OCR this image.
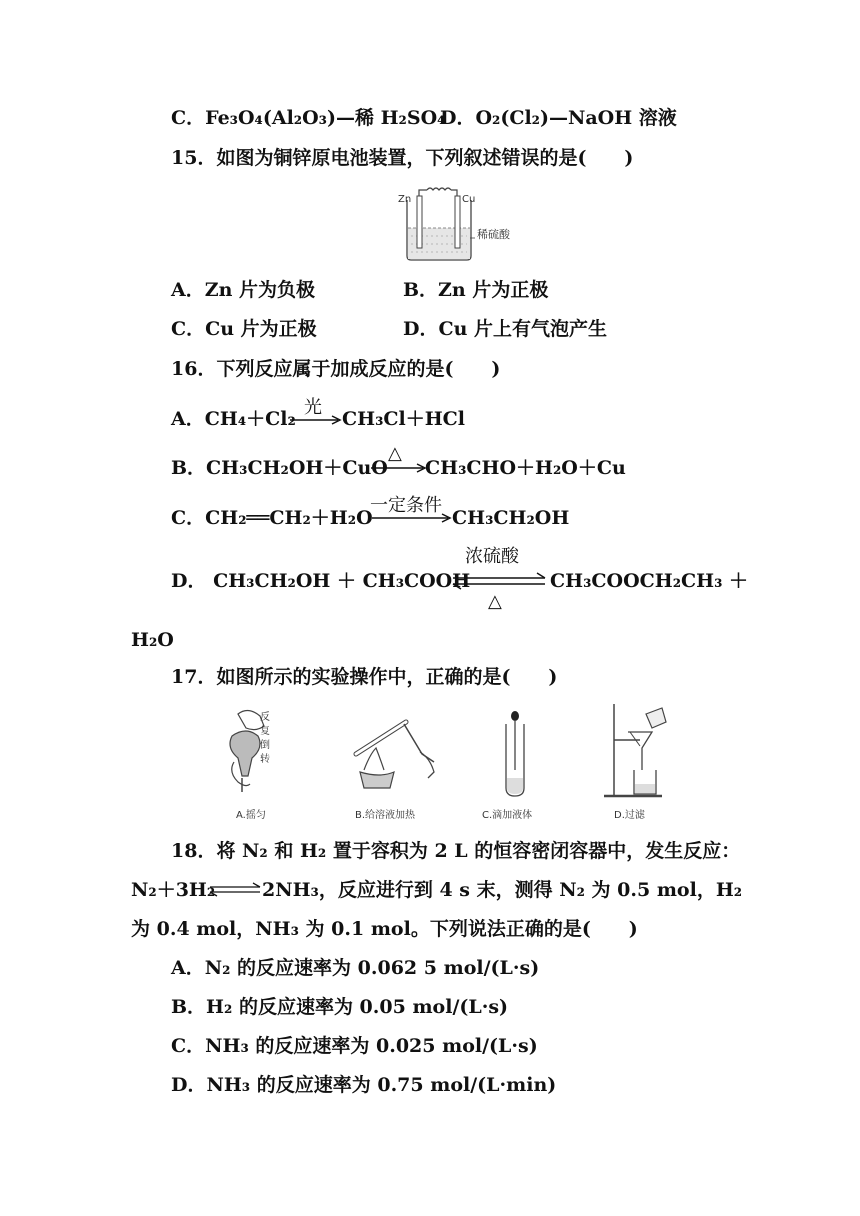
C．Fe₃O₄(Al₂O₃)—稀 H₂SO₄
D．O₂(Cl₂)—NaOH 溶液
15．如图为铜锌原电池装置，下列叙述错误的是(　　)
Zn	Cu
稀硫酸
A．Zn 片为负极	B．Zn 片为正极
C．Cu 片为正极	D．Cu 片上有气泡产生
16．下列反应属于加成反应的是(　　)
A．CH₄＋Cl₂
光
CH₃Cl＋HCl
B．CH₃CH₂OH＋CuO
△
CH₃CHO＋H₂O＋Cu
C．CH₂══CH₂＋H₂O
一定条件
CH₃CH₂OH
浓硫酸
D． CH₃CH₂OH ＋ CH₃COOH
△
CH₃COOCH₂CH₃ ＋
H₂O
17．如图所示的实验操作中，正确的是(　　)
反
复
倒
转
A.摇匀	B.给溶液加热	C.滴加液体	D.过滤
18．将 N₂ 和 H₂ 置于容积为 2 L 的恒容密闭容器中，发生反应：
N₂＋3H₂ 2NH₃，反应进行到 4 s 末，测得 N₂ 为 0.5 mol，H₂
为 0.4 mol，NH₃ 为 0.1 mol。下列说法正确的是(　　)
A．N₂ 的反应速率为 0.062 5 mol/(L·s)
B．H₂ 的反应速率为 0.05 mol/(L·s)
C．NH₃ 的反应速率为 0.025 mol/(L·s)
D．NH₃ 的反应速率为 0.75 mol/(L·min)
